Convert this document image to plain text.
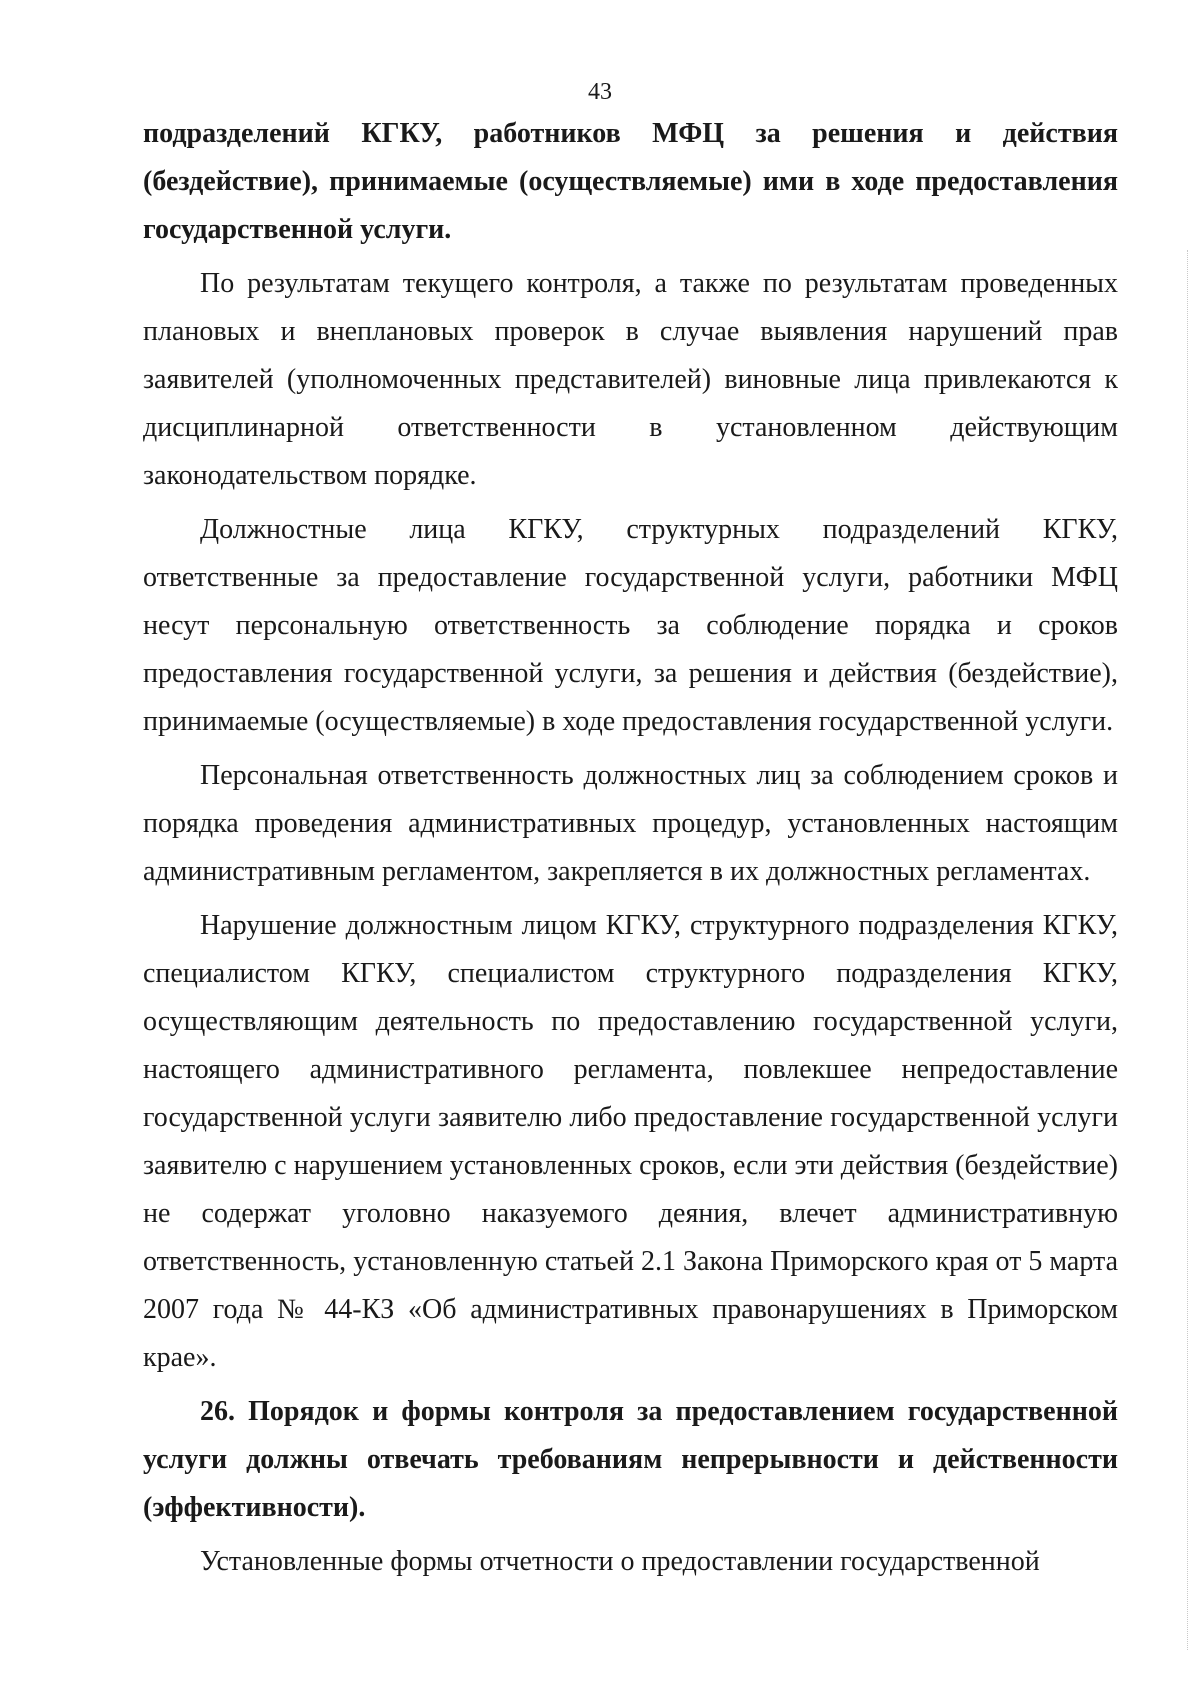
43

подразделений КГКУ, работников МФЦ за решения и действия (бездействие), принимаемые (осуществляемые) ими в ходе предоставления государственной услуги.

По результатам текущего контроля, а также по результатам проведенных плановых и внеплановых проверок в случае выявления нарушений прав заявителей (уполномоченных представителей) виновные лица привлекаются к дисциплинарной ответственности в установленном действующим законодательством порядке.

Должностные лица КГКУ, структурных подразделений КГКУ, ответственные за предоставление государственной услуги, работники МФЦ несут персональную ответственность за соблюдение порядка и сроков предоставления государственной услуги, за решения и действия (бездействие), принимаемые (осуществляемые) в ходе предоставления государственной услуги.

Персональная ответственность должностных лиц за соблюдением сроков и порядка проведения административных процедур, установленных настоящим административным регламентом, закрепляется в их должностных регламентах.

Нарушение должностным лицом КГКУ, структурного подразделения КГКУ, специалистом КГКУ, специалистом структурного подразделения КГКУ, осуществляющим деятельность по предоставлению государственной услуги, настоящего административного регламента, повлекшее непредоставление государственной услуги заявителю либо предоставление государственной услуги заявителю с нарушением установленных сроков, если эти действия (бездействие) не содержат уголовно наказуемого деяния, влечет административную ответственность, установленную статьей 2.1 Закона Приморского края от 5 марта 2007 года № 44-КЗ «Об административных правонарушениях в Приморском крае».

26. Порядок и формы контроля за предоставлением государственной услуги должны отвечать требованиям непрерывности и действенности (эффективности).

Установленные формы отчетности о предоставлении государственной
